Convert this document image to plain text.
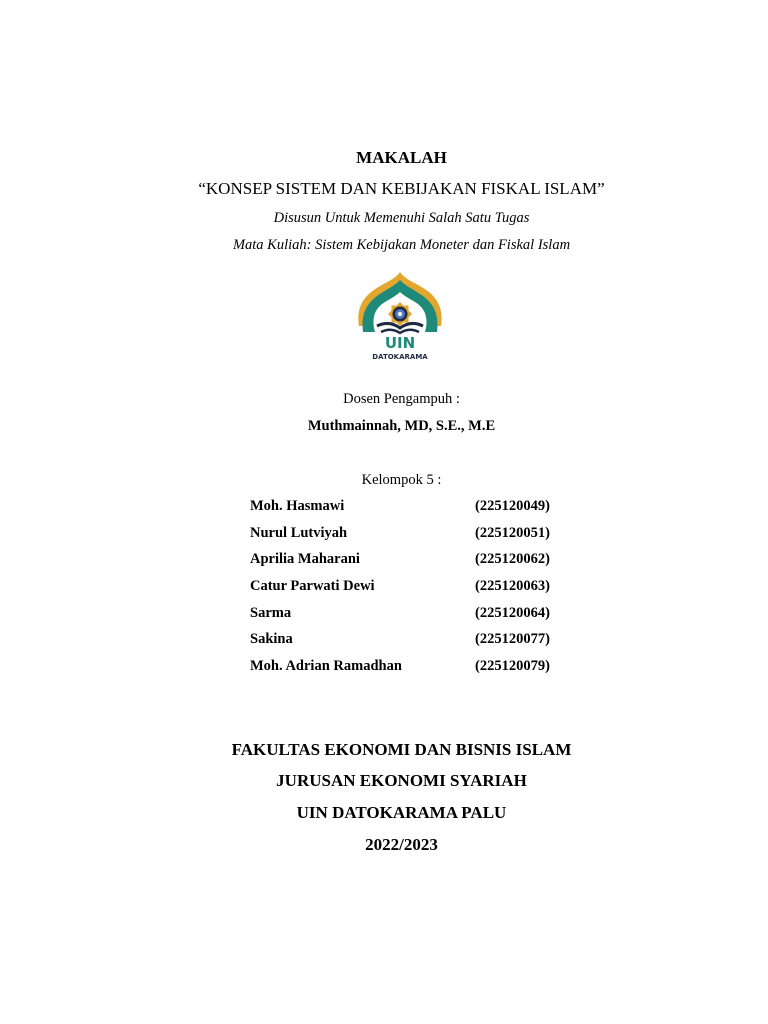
MAKALAH
“KONSEP SISTEM DAN KEBIJAKAN FISKAL ISLAM”
Disusun Untuk Memenuhi Salah Satu Tugas
Mata Kuliah: Sistem Kebijakan Moneter dan Fiskal Islam
UIN
DATOKARAMA
Dosen Pengampuh :
Muthmainnah, MD, S.E., M.E
Kelompok 5 :
Moh. Hasmawi	(225120049)
Nurul Lutviyah	(225120051)
Aprilia Maharani	(225120062)
Catur Parwati Dewi	(225120063)
Sarma	(225120064)
Sakina	(225120077)
Moh. Adrian Ramadhan	(225120079)
FAKULTAS EKONOMI DAN BISNIS ISLAM
JURUSAN EKONOMI SYARIAH
UIN DATOKARAMA PALU
2022/2023
